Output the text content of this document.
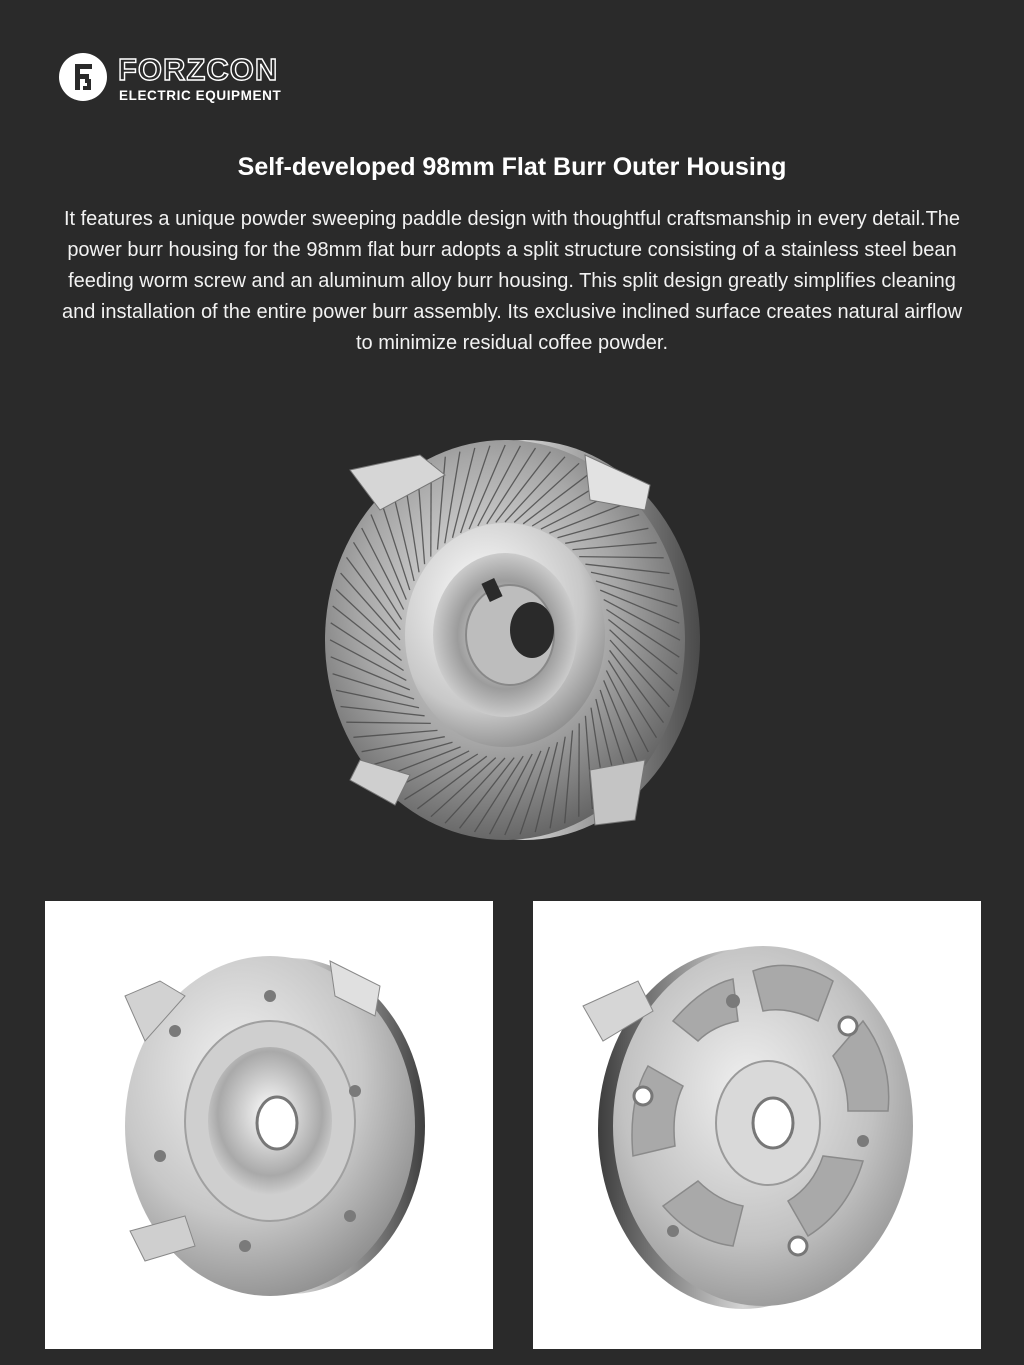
FORZCON
ELECTRIC EQUIPMENT
Self-developed 98mm Flat Burr Outer Housing
It features a unique powder sweeping paddle design with thoughtful craftsmanship in every detail.The power burr housing for the 98mm flat burr adopts a split structure consisting of a stainless steel bean feeding worm screw and an aluminum alloy burr housing. This split design greatly simplifies cleaning and installation of the entire power burr assembly. Its exclusive inclined surface creates natural airflow to minimize residual coffee powder.
